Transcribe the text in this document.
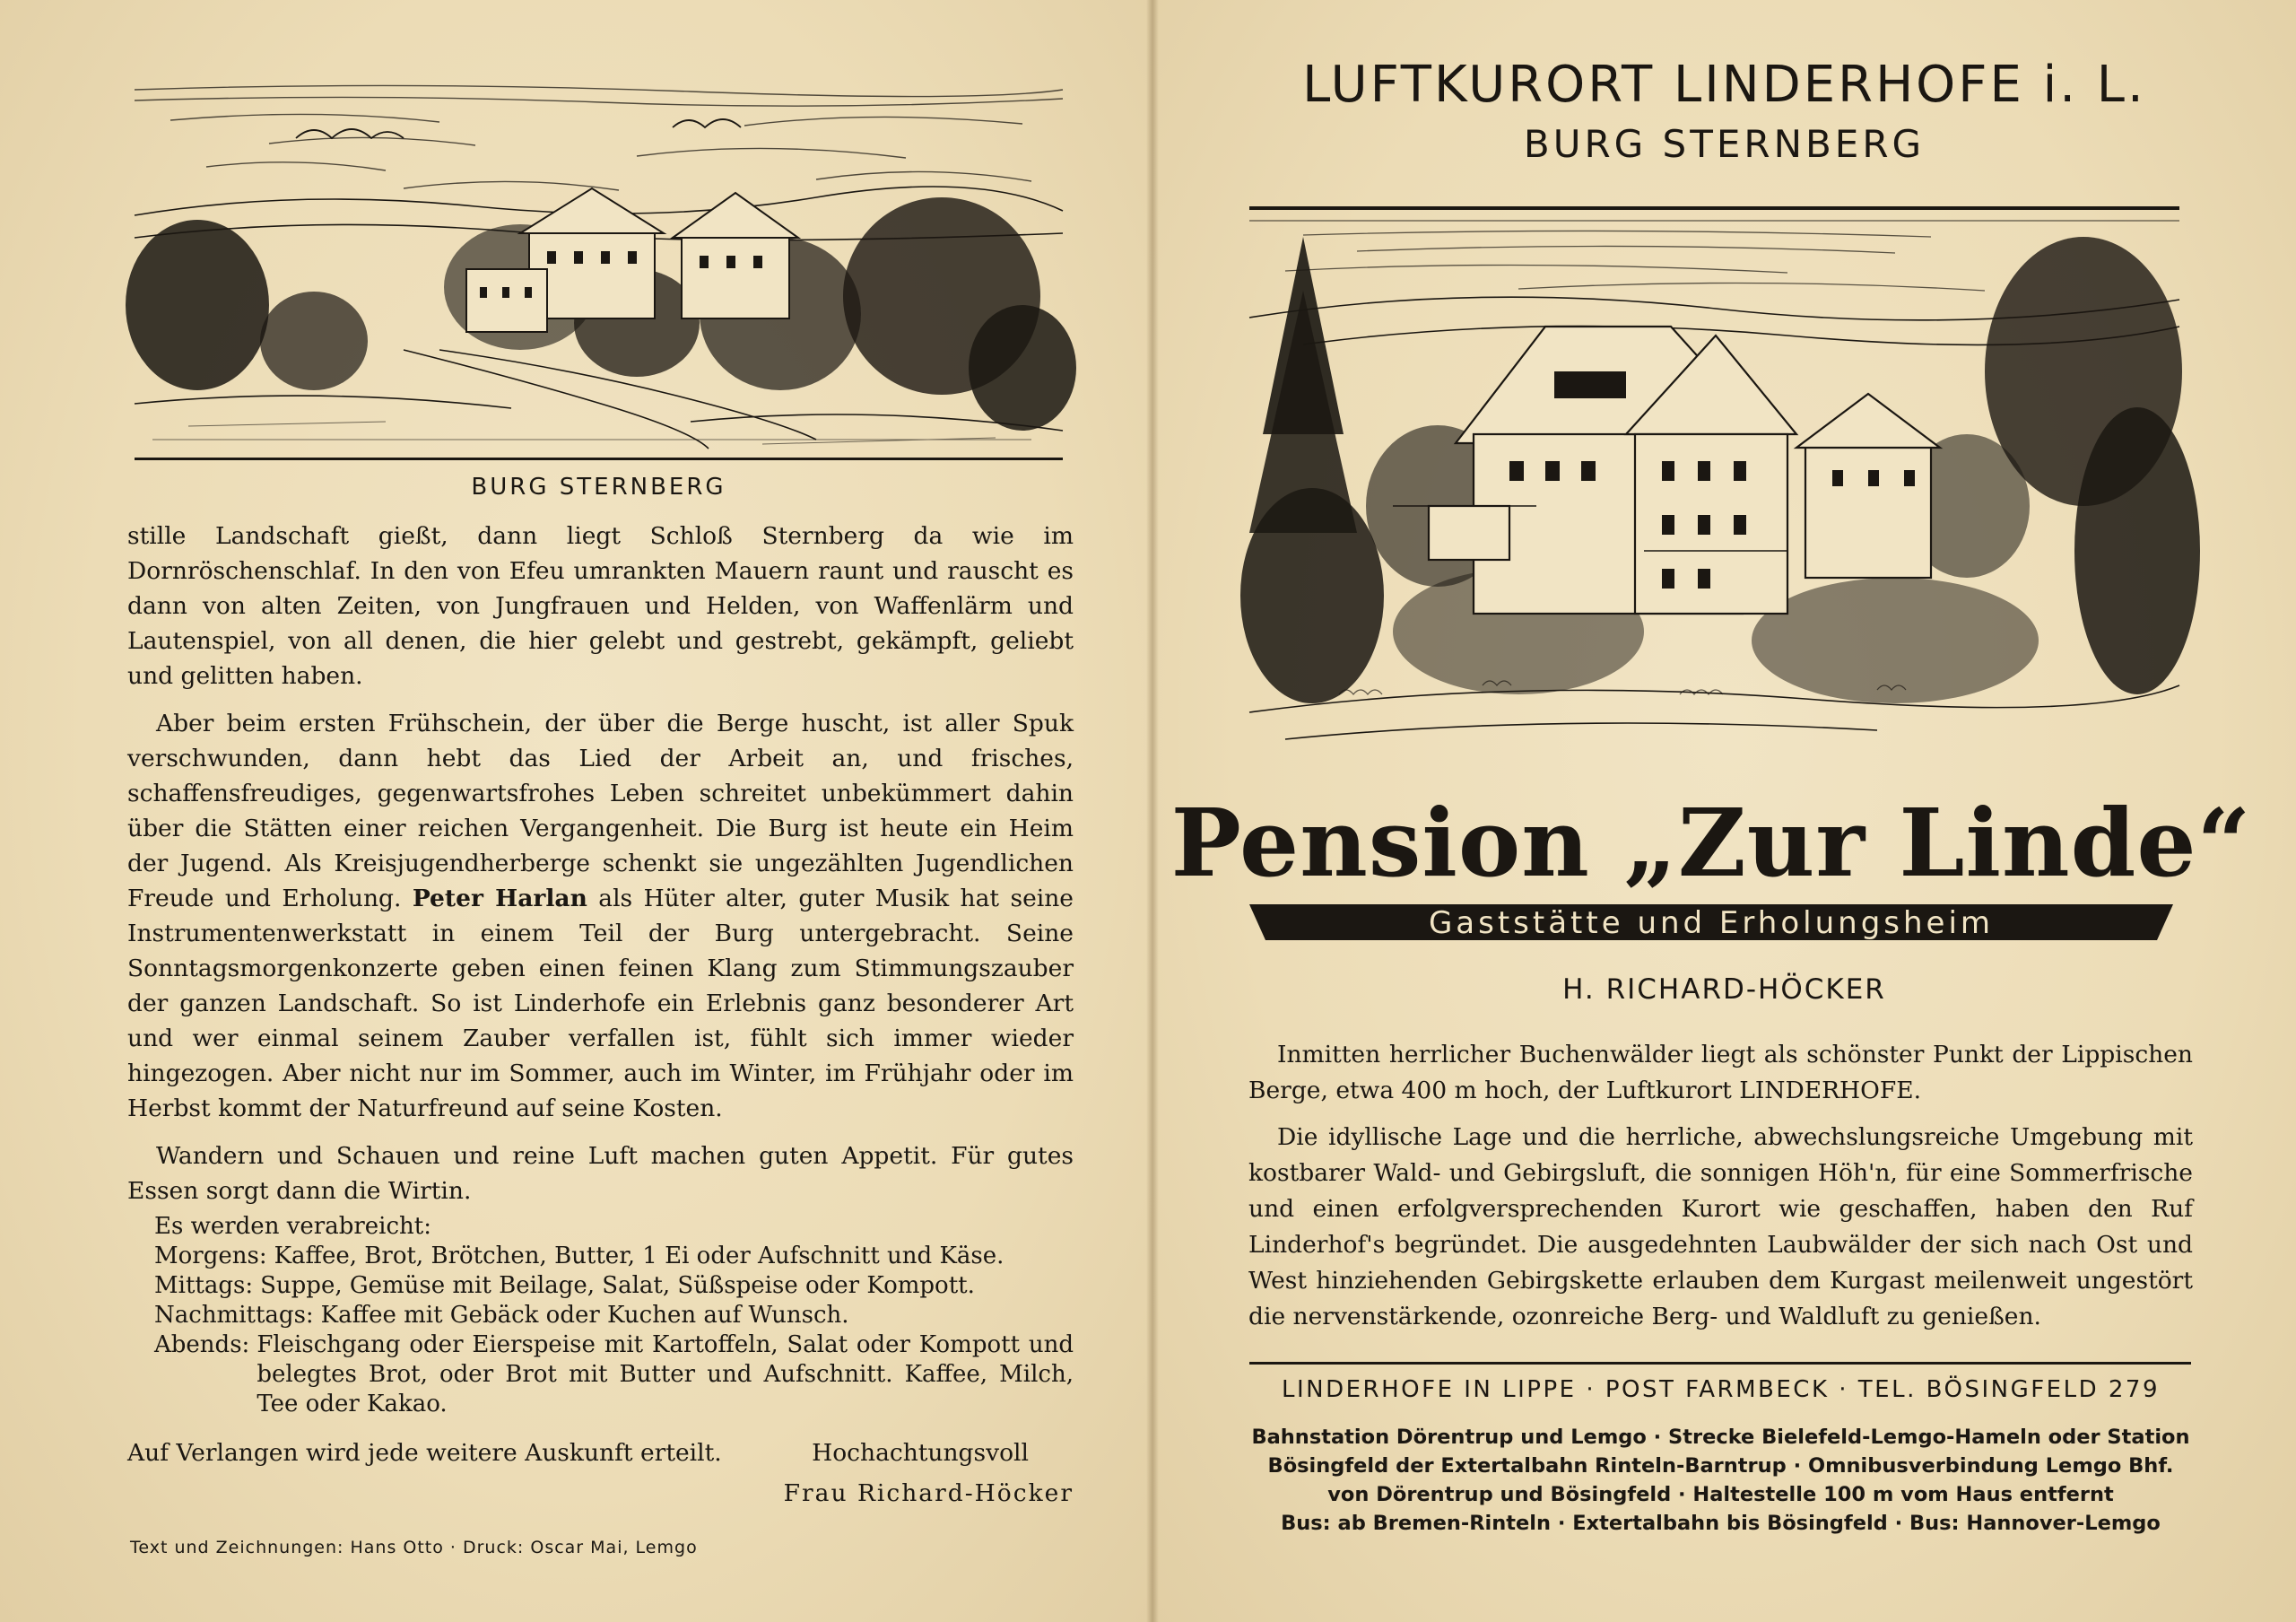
BURG STERNBERG

stille Landschaft gießt, dann liegt Schloß Sternberg da wie im Dornröschenschlaf. In den von Efeu umrankten Mauern raunt und rauscht es dann von alten Zeiten, von Jungfrauen und Helden, von Waffenlärm und Lautenspiel, von all denen, die hier gelebt und gestrebt, gekämpft, geliebt und gelitten haben.

Aber beim ersten Frühschein, der über die Berge huscht, ist aller Spuk verschwunden, dann hebt das Lied der Arbeit an, und frisches, schaffensfreudiges, gegenwartsfrohes Leben schreitet unbekümmert dahin über die Stätten einer reichen Vergangenheit. Die Burg ist heute ein Heim der Jugend. Als Kreisjugendherberge schenkt sie ungezählten Jugendlichen Freude und Erholung. Peter Harlan als Hüter alter, guter Musik hat seine Instrumentenwerkstatt in einem Teil der Burg untergebracht. Seine Sonntagsmorgenkonzerte geben einen feinen Klang zum Stimmungszauber der ganzen Landschaft. So ist Linderhofe ein Erlebnis ganz besonderer Art und wer einmal seinem Zauber verfallen ist, fühlt sich immer wieder hingezogen. Aber nicht nur im Sommer, auch im Winter, im Frühjahr oder im Herbst kommt der Naturfreund auf seine Kosten.

Wandern und Schauen und reine Luft machen guten Appetit. Für gutes Essen sorgt dann die Wirtin.

Es werden verabreicht:
Morgens: Kaffee, Brot, Brötchen, Butter, 1 Ei oder Aufschnitt und Käse.
Mittags: Suppe, Gemüse mit Beilage, Salat, Süßspeise oder Kompott.
Nachmittags: Kaffee mit Gebäck oder Kuchen auf Wunsch.
Abends: Fleischgang oder Eierspeise mit Kartoffeln, Salat oder Kompott und belegtes Brot, oder Brot mit Butter und Aufschnitt. Kaffee, Milch, Tee oder Kakao.
Auf Verlangen wird jede weitere Auskunft erteilt.	Hochachtungsvoll
Frau Richard-Höcker
Text und Zeichnungen: Hans Otto · Druck: Oscar Mai, Lemgo
LUFTKURORT LINDERHOFE i. L.
BURG STERNBERG
Pension „Zur Linde“
Gaststätte und Erholungsheim
H. RICHARD-HÖCKER

Inmitten herrlicher Buchenwälder liegt als schönster Punkt der Lippischen Berge, etwa 400 m hoch, der Luftkurort LINDERHOFE.

Die idyllische Lage und die herrliche, abwechslungsreiche Umgebung mit kostbarer Wald- und Gebirgsluft, die sonnigen Höh'n, für eine Sommerfrische und einen erfolgversprechenden Kurort wie geschaffen, haben den Ruf Linderhof's begründet. Die ausgedehnten Laubwälder der sich nach Ost und West hinziehenden Gebirgskette erlauben dem Kurgast meilenweit ungestört die nervenstärkende, ozonreiche Berg- und Waldluft zu genießen.

LINDERHOFE IN LIPPE · POST FARMBECK · TEL. BÖSINGFELD 279
Bahnstation Dörentrup und Lemgo · Strecke Bielefeld-Lemgo-Hameln oder Station
Bösingfeld der Extertalbahn Rinteln-Barntrup · Omnibusverbindung Lemgo Bhf.
von Dörentrup und Bösingfeld · Haltestelle 100 m vom Haus entfernt
Bus: ab Bremen-Rinteln · Extertalbahn bis Bösingfeld · Bus: Hannover-Lemgo
